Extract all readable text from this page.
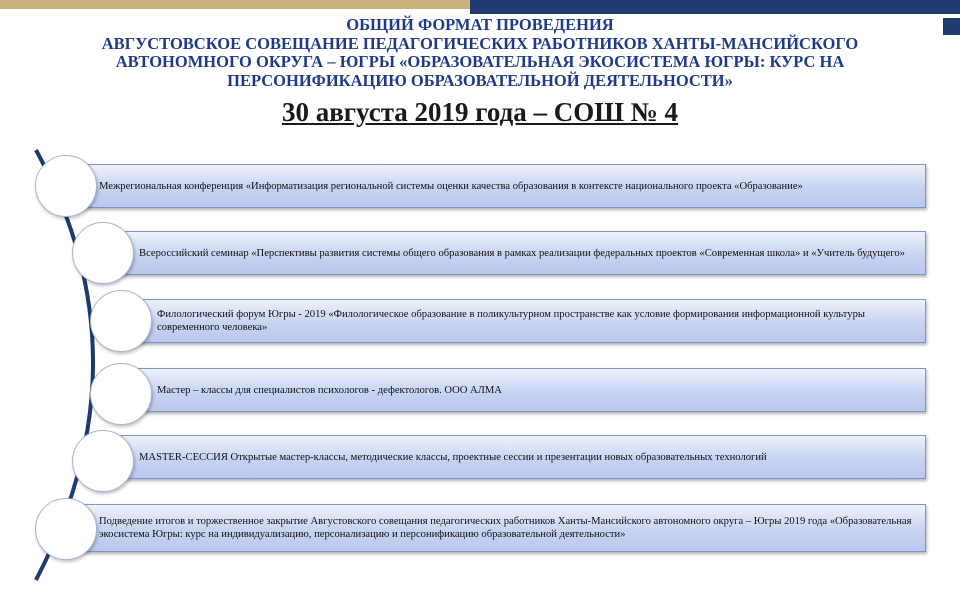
ОБЩИЙ ФОРМАТ ПРОВЕДЕНИЯ

АВГУСТОВСКОЕ СОВЕЩАНИЕ ПЕДАГОГИЧЕСКИХ РАБОТНИКОВ ХАНТЫ-МАНСИЙСКОГО

АВТОНОМНОГО ОКРУГА – ЮГРЫ «ОБРАЗОВАТЕЛЬНАЯ ЭКОСИСТЕМА ЮГРЫ: КУРС НА

ПЕРСОНИФИКАЦИЮ ОБРАЗОВАТЕЛЬНОЙ ДЕЯТЕЛЬНОСТИ»

30 августа 2019 года – СОШ № 4
Межрегиональная конференция «Информатизация региональной системы оценки качества образования в контексте национального проекта «Образование»
Всероссийский семинар «Перспективы развития системы общего образования в рамках реализации федеральных проектов «Современная школа» и «Учитель будущего»
Филологический форум Югры - 2019 «Филологическое образование в поликультурном пространстве как условие формирования информационной культуры современного человека»
Мастер – классы для специалистов психологов - дефектологов. ООО АЛМА
MASTER-СЕССИЯ Открытые мастер-классы, методические классы, проектные сессии и презентации новых образовательных технологий
Подведение итогов и торжественное закрытие Августовского совещания педагогических работников Ханты-Мансийского автономного округа – Югры 2019 года «Образовательная экосистема Югры: курс на индивидуализацию, персонализацию и персонификацию образовательной деятельности»
